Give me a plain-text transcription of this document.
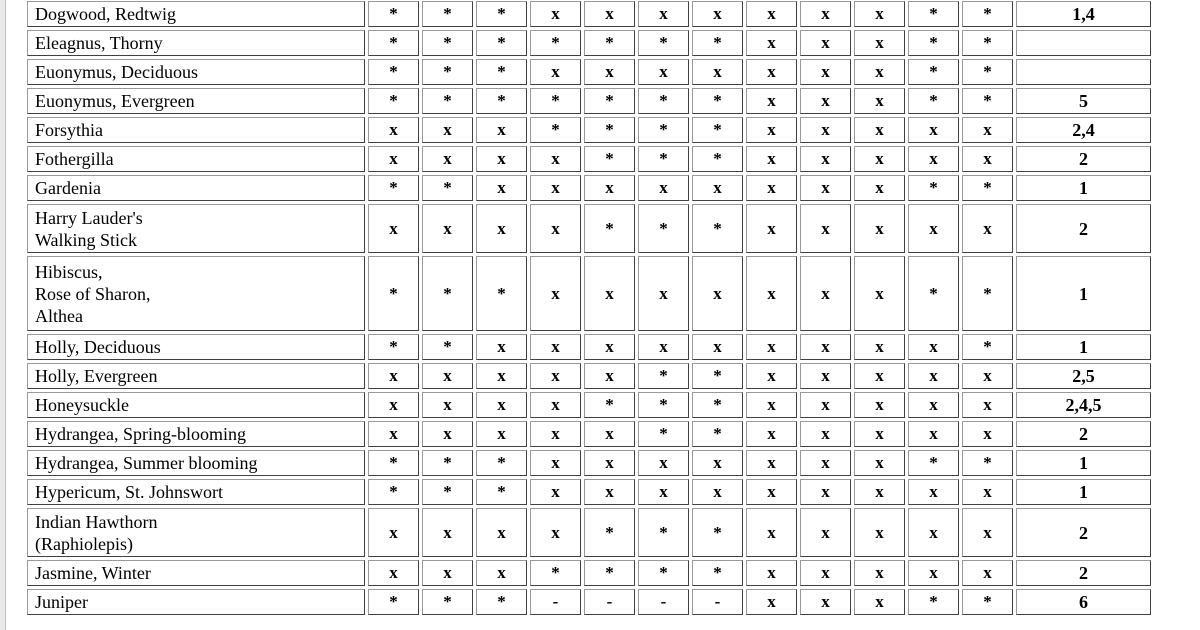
Dogwood, Redtwig	*	*	*	x	x	x	x	x	x	x	*	*	1,4

Eleagnus, Thorny	*	*	*	*	*	*	*	x	x	x	*	*	

Euonymus, Deciduous	*	*	*	x	x	x	x	x	x	x	*	*	

Euonymus, Evergreen	*	*	*	*	*	*	*	x	x	x	*	*	5

Forsythia	x	x	x	*	*	*	*	x	x	x	x	x	2,4

Fothergilla	x	x	x	x	*	*	*	x	x	x	x	x	2

Gardenia	*	*	x	x	x	x	x	x	x	x	*	*	1

Harry Lauder's
Walking Stick	x	x	x	x	*	*	*	x	x	x	x	x	2

Hibiscus,
Rose of Sharon,
Althea	*	*	*	x	x	x	x	x	x	x	*	*	1

Holly, Deciduous	*	*	x	x	x	x	x	x	x	x	x	*	1

Holly, Evergreen	x	x	x	x	x	*	*	x	x	x	x	x	2,5

Honeysuckle	x	x	x	x	*	*	*	x	x	x	x	x	2,4,5

Hydrangea, Spring-blooming	x	x	x	x	x	*	*	x	x	x	x	x	2

Hydrangea, Summer blooming	*	*	*	x	x	x	x	x	x	x	*	*	1

Hypericum, St. Johnswort	*	*	*	x	x	x	x	x	x	x	x	x	1

Indian Hawthorn
(Raphiolepis)	x	x	x	x	*	*	*	x	x	x	x	x	2

Jasmine, Winter	x	x	x	*	*	*	*	x	x	x	x	x	2

Juniper	*	*	*	-	-	-	-	x	x	x	*	*	6
